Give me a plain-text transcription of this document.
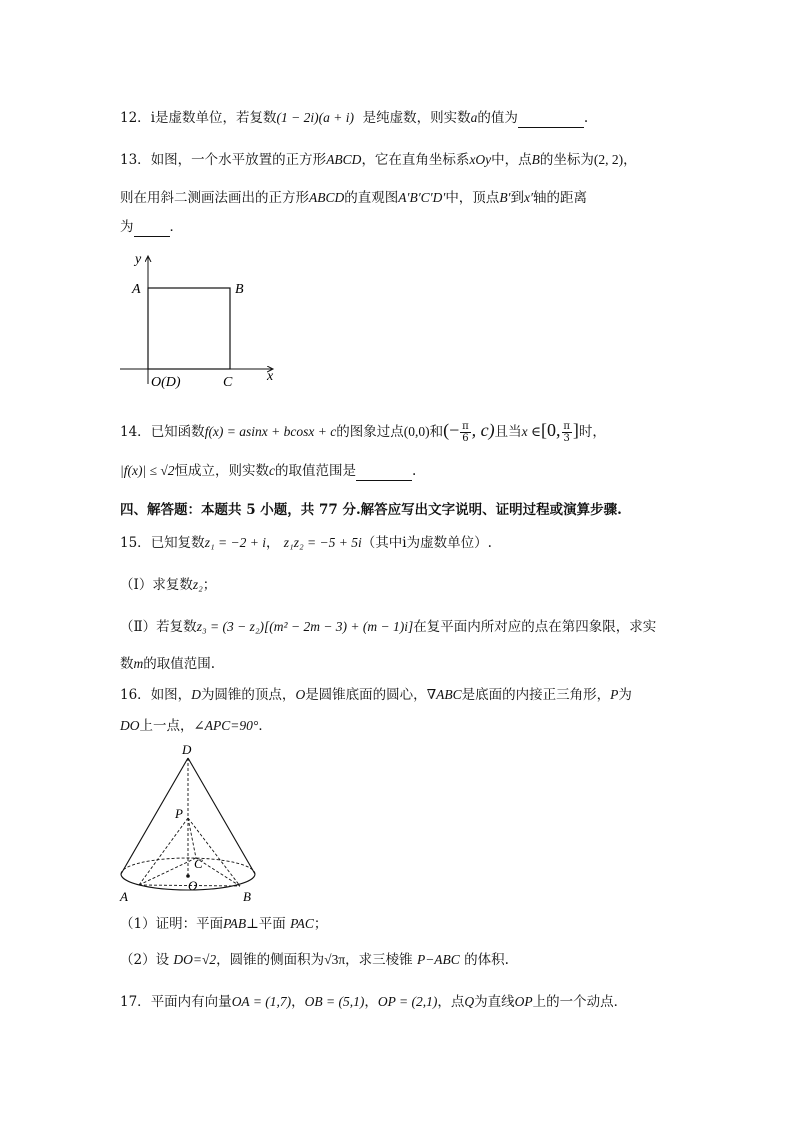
12．i是虚数单位，若复数(1 − 2i)(a + i) 是纯虚数，则实数a的值为	.
13．如图，一个水平放置的正方形ABCD，它在直角坐标系xOy中，点B的坐标为(2, 2)，
则在用斜二测画法画出的正方形ABCD的直观图A′B′C′D′中，顶点B′到x′轴的距离
为	．
y
x
A	B
C
O(D)
14．已知函数f(x) = asinx + bcosx + c的图象过点(0,0)和(− $\frac{\pi}{6}$ , c)且当x ∈[0, $\frac{\pi}{3}$ ]时，
|f(x)| ≤ √2恒成立，则实数c的取值范围是	.
四、解答题：本题共 5 小题，共 77 分.解答应写出文字说明、证明过程或演算步骤.
15．已知复数z₁ = −2 + i， z₁z₂ = −5 + 5i（其中i为虚数单位）.
（Ⅰ）求复数z₂；
（Ⅱ）若复数z₃ = (3 − z₂)[(m² − 2m − 3) + (m − 1)i]在复平面内所对应的点在第四象限，求实
数m的取值范围.
16．如图，D为圆锥的顶点，O是圆锥底面的圆心，∇ABC是底面的内接正三角形，P为
DO上一点，∠APC=90°．
D
P
C
O
A	B
（1）证明：平面PAB⊥平面 PAC；
（2）设 DO=√2，圆锥的侧面积为√3π，求三棱锥 P−ABC 的体积.
17．平面内有向量OA = (1,7)，OB = (5,1)，OP = (2,1)，点Q为直线OP上的一个动点．
